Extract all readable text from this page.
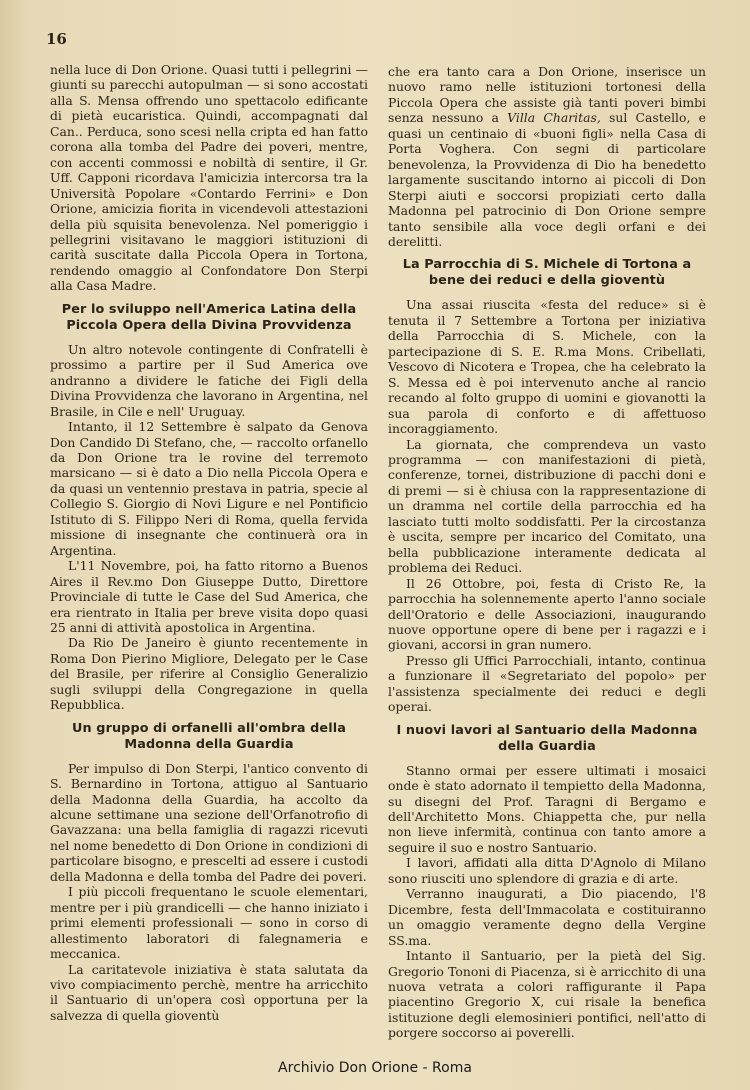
16

nella luce di Don Orione. Quasi tutti i pellegrini — giunti su parecchi autopulman — si sono accostati alla S. Mensa offrendo uno spettacolo edificante di pietà eucaristica. Quindi, accompagnati dal Can.. Perduca, sono scesi nella cripta ed han fatto corona alla tomba del Padre dei poveri, mentre, con accenti commossi e nobiltà di sentire, il Gr. Uff. Capponi ricordava l'amicizia intercorsa tra la Università Popolare «Contardo Ferrini» e Don Orione, amicizia fiorita in vicendevoli attestazioni della più squisita benevolenza. Nel pomeriggio i pellegrini visitavano le maggiori istituzioni di carità suscitate dalla Piccola Opera in Tortona, rendendo omaggio al Confondatore Don Sterpi alla Casa Madre.

Per lo sviluppo nell'America Latina della Piccola Opera della Divina Provvidenza

Un altro notevole contingente di Confratelli è prossimo a partire per il Sud America ove andranno a dividere le fatiche dei Figli della Divina Provvidenza che lavorano in Argentina, nel Brasile, in Cile e nell' Uruguay.

Intanto, il 12 Settembre è salpato da Genova Don Candido Di Stefano, che, — raccolto orfanello da Don Orione tra le rovine del terremoto marsicano — si è dato a Dio nella Piccola Opera e da quasi un ventennio prestava in patria, specie al Collegio S. Giorgio di Novi Ligure e nel Pontificio Istituto di S. Filippo Neri di Roma, quella fervida missione di insegnante che continuerà ora in Argentina.

L'11 Novembre, poi, ha fatto ritorno a Buenos Aires il Rev.mo Don Giuseppe Dutto, Direttore Provinciale di tutte le Case del Sud America, che era rientrato in Italia per breve visita dopo quasi 25 anni di attività apostolica in Argentina.

Da Rio De Janeiro è giunto recentemente in Roma Don Pierino Migliore, Delegato per le Case del Brasile, per riferire al Consiglio Generalizio sugli sviluppi della Congregazione in quella Repubblica.

Un gruppo di orfanelli all'ombra della Madonna della Guardia

Per impulso di Don Sterpi, l'antico convento di S. Bernardino in Tortona, attiguo al Santuario della Madonna della Guardia, ha accolto da alcune settimane una sezione dell'Orfanotrofio di Gavazzana: una bella famiglia di ragazzi ricevuti nel nome benedetto di Don Orione in condizioni di particolare bisogno, e prescelti ad essere i custodi della Madonna e della tomba del Padre dei poveri.

I più piccoli frequentano le scuole elementari, mentre per i più grandicelli — che hanno iniziato i primi elementi professionali — sono in corso di allestimento laboratori di falegnameria e meccanica.

La caritatevole iniziativa è stata salutata da vivo compiacimento perchè, mentre ha arricchito il Santuario di un'opera così opportuna per la salvezza di quella gioventù

che era tanto cara a Don Orione, inserisce un nuovo ramo nelle istituzioni tortonesi della Piccola Opera che assiste già tanti poveri bimbi senza nessuno a Villa Charitas, sul Castello, e quasi un centinaio di «buoni figli» nella Casa di Porta Voghera. Con segni di particolare benevolenza, la Provvidenza di Dio ha benedetto largamente suscitando intorno ai piccoli di Don Sterpi aiuti e soccorsi propiziati certo dalla Madonna pel patrocinio di Don Orione sempre tanto sensibile alla voce degli orfani e dei derelitti.

La Parrocchia di S. Michele di Tortona a bene dei reduci e della gioventù

Una assai riuscita «festa del reduce» si è tenuta il 7 Settembre a Tortona per iniziativa della Parrocchia di S. Michele, con la partecipazione di S. E. R.ma Mons. Cribellati, Vescovo di Nicotera e Tropea, che ha celebrato la S. Messa ed è poi intervenuto anche al rancio recando al folto gruppo di uomini e giovanotti la sua parola di conforto e di affettuoso incoraggiamento.

La giornata, che comprendeva un vasto programma — con manifestazioni di pietà, conferenze, tornei, distribuzione di pacchi doni e di premi — si è chiusa con la rappresentazione di un dramma nel cortile della parrocchia ed ha lasciato tutti molto soddisfatti. Per la circostanza è uscita, sempre per incarico del Comitato, una bella pubblicazione interamente dedicata al problema dei Reduci.

Il 26 Ottobre, poi, festa di Cristo Re, la parrocchia ha solennemente aperto l'anno sociale dell'Oratorio e delle Associazioni, inaugurando nuove opportune opere di bene per i ragazzi e i giovani, accorsi in gran numero.

Presso gli Uffici Parrocchiali, intanto, continua a funzionare il «Segretariato del popolo» per l'assistenza specialmente dei reduci e degli operai.

I nuovi lavori al Santuario della Madonna della Guardia

Stanno ormai per essere ultimati i mosaici onde è stato adornato il tempietto della Madonna, su disegni del Prof. Taragni di Bergamo e dell'Architetto Mons. Chiappetta che, pur nella non lieve infermità, continua con tanto amore a seguire il suo e nostro Santuario.

I lavori, affidati alla ditta D'Agnolo di Milano sono riusciti uno splendore di grazia e di arte.

Verranno inaugurati, a Dio piacendo, l'8 Dicembre, festa dell'Immacolata e costituiranno un omaggio veramente degno della Vergine SS.ma.

Intanto il Santuario, per la pietà del Sig. Gregorio Tononi di Piacenza, si è arricchito di una nuova vetrata a colori raffigurante il Papa piacentino Gregorio X, cui risale la benefica istituzione degli elemosinieri pontifici, nell'atto di porgere soccorso ai poverelli.

Archivio Don Orione - Roma
